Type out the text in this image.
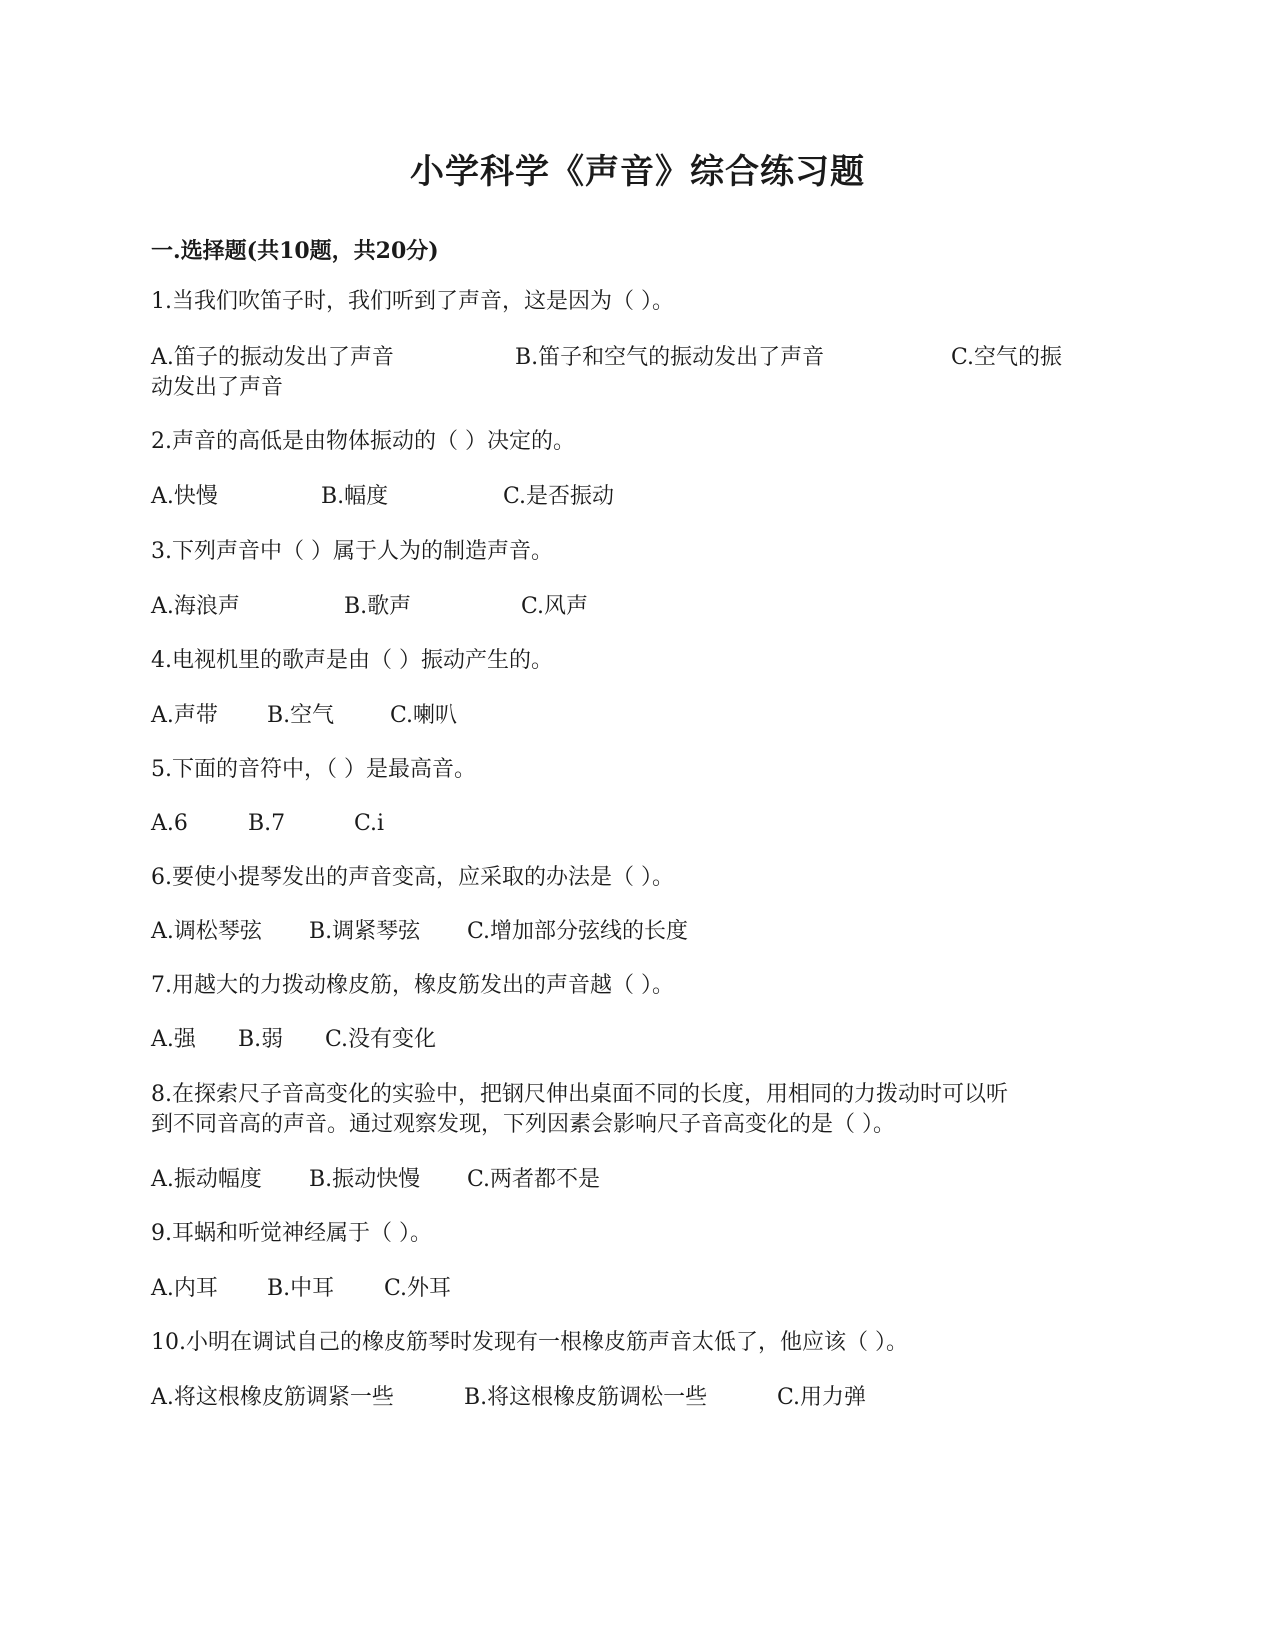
小学科学《声音》综合练习题
一.选择题(共10题，共20分)
1.当我们吹笛子时，我们听到了声音，这是因为（ ）。
A.笛子的振动发出了声音	B.笛子和空气的振动发出了声音	C.空气的振
动发出了声音
2.声音的高低是由物体振动的（ ）决定的。
A.快慢	B.幅度	C.是否振动
3.下列声音中（ ）属于人为的制造声音。
A.海浪声	B.歌声	C.风声
4.电视机里的歌声是由（ ）振动产生的。
A.声带 B.空气	C.喇叭
5.下面的音符中，（ ）是最高音。
A.6	B.7	C.i
6.要使小提琴发出的声音变高，应采取的办法是（ ）。
A.调松琴弦 B.调紧琴弦 C.增加部分弦线的长度
7.用越大的力拨动橡皮筋，橡皮筋发出的声音越（ ）。
A.强 B.弱 C.没有变化
8.在探索尺子音高变化的实验中，把钢尺伸出桌面不同的长度，用相同的力拨动时可以听
到不同音高的声音。通过观察发现，下列因素会影响尺子音高变化的是（ ）。
A.振动幅度 B.振动快慢 C.两者都不是
9.耳蜗和听觉神经属于（ ）。
A.内耳 B.中耳 C.外耳
10.小明在调试自己的橡皮筋琴时发现有一根橡皮筋声音太低了，他应该（ ）。
A.将这根橡皮筋调紧一些	B.将这根橡皮筋调松一些	C.用力弹
